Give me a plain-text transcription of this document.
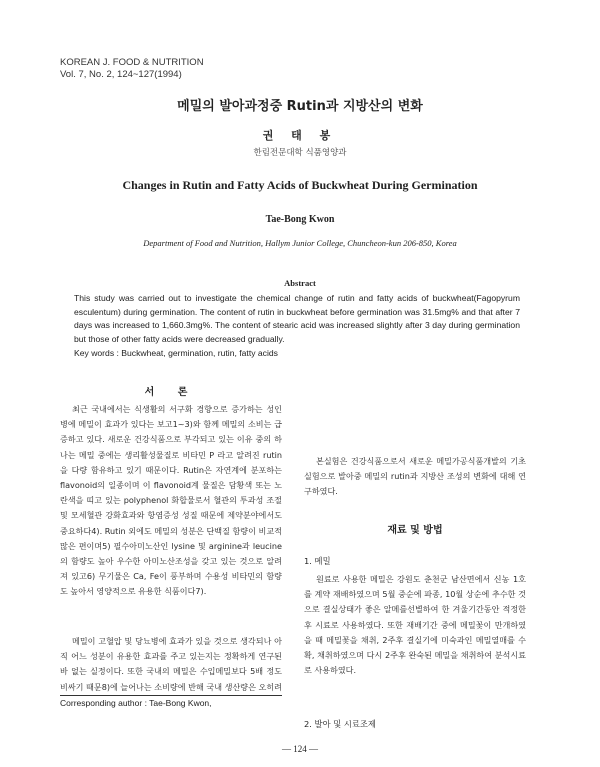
KOREAN J. FOOD & NUTRITION
Vol. 7, No. 2, 124~127(1994)
메밀의 발아과정중 Rutin과 지방산의 변화
권 태 봉
한림전문대학 식품영양과
Changes in Rutin and Fatty Acids of Buckwheat During Germination
Tae-Bong Kwon
Department of Food and Nutrition, Hallym Junior College, Chuncheon-kun 206-850, Korea
Abstract
This study was carried out to investigate the chemical change of rutin and fatty acids of buckwheat(Fagopyrum esculentum) during germination. The content of rutin in buckwheat before germination was 31.5mg% and that after 7 days was increased to 1,660.3mg%. The content of stearic acid was increased slightly after 3 day during germination but those of other fatty acids were decreased gradually.
Key words : Buckwheat, germination, rutin, fatty acids
서 론

최근 국내에서는 식생활의 서구화 경향으로 증가하는 성인병에 메밀이 효과가 있다는 보고1~3)와 함께 메밀의 소비는 급증하고 있다. 새로운 건강식품으로 부각되고 있는 이유 중의 하나는 메밀 중에는 생리활성물질로 비타민 P 라고 알려진 rutin을 다량 함유하고 있기 때문이다. Rutin은 자연계에 분포하는flavonoid의 일종이며 이 flavonoid계 물질은 담황색 또는 노란색을 띠고 있는 polyphenol 화합물로서 혈관의 투과성 조절 및 모세혈관 강화효과와 항염증성 성질 때문에 제약분야에서도 중요하다4). Rutin 외에도 메밀의 성분은 단백질 함량이 비교적 많은 편이며5) 필수아미노산인 lysine 및 arginine과 leucine의 함량도 높아 우수한 아미노산조성을 갖고 있는 것으로 알려져 있고6) 무기물은 Ca, Fe이 풍부하며 수용성 비타민의 함량도 높아서 영양적으로 유용한 식품이다7).

메밀이 고혈압 및 당뇨병에 효과가 있을 것으로 생각되나 아직 어느 성분이 유용한 효과를 주고 있는지는 정확하게 연구된 바 없는 실정이다. 또한 국내의 메밀은 수입메밀보다 5배 정도 비싸기 때문8)에 늘어나는 소비량에 반해 국내 생산량은 오히려

본실험은 건강식품으로서 새로운 메밀가공식품개발의 기초실험으로 발아중 메밀의 rutin과 지방산 조성의 변화에 대해 연구하였다.

재료 및 방법
1. 메밀

원료로 사용한 메밀은 강원도 춘천군 남산면에서 신농 1호를 계약 재배하였으며 5월 중순에 파종, 10월 상순에 추수한 것으로 결실상태가 좋은 알메를선별하여 한 겨울기간동안 적정한 후 시료로 사용하였다. 또한 재배기간 중에 메밀꽃이 만개하였을 때 메밀꽃을 채취, 2주후 결실기에 미숙과인 메밀열매를 수확, 채취하였으며 다시 2주후 완숙된 메밀을 채취하여 분석시료로 사용하였다.

2. 발아 및 시료조제
Corresponding author : Tae-Bong Kwon,
— 124 —
